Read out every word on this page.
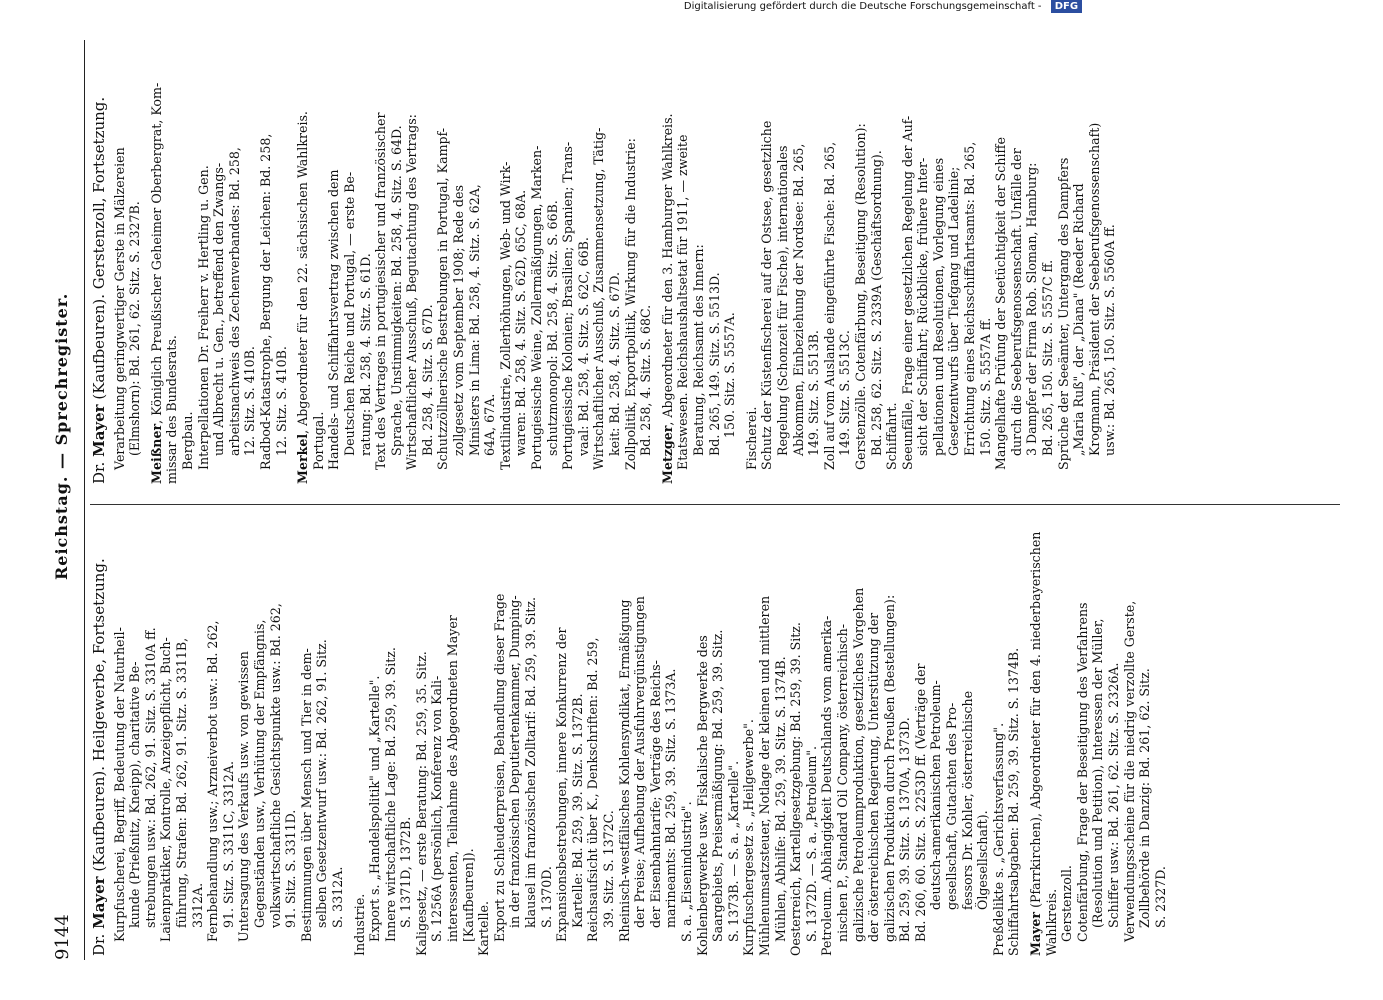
9144
Reichstag. — Sprechregister.
Dr. Mayer (Kaufbeuren). Heilgewerbe, Fortsetzung. Kurpfuscherei, Begriff, Bedeutung der Naturheil- kunde (Prießnitz, Kneipp), charitative Be- strebungen usw.: Bd. 262, 91. Sitz. S. 3310A ff. Laienpraktiker, Kontrolle, Anzeigepflicht, Buch- führung, Strafen: Bd. 262, 91. Sitz. S. 3311B, 3312A. Fernbehandlung usw.; Arzneiverbot usw.: Bd. 262, 91. Sitz. S. 3311C, 3312A. Untersagung des Verkaufs usw. von gewissen Gegenständen usw., Verhütung der Empfängnis, volkswirtschaftliche Gesichtspunkte usw.: Bd. 262, 91. Sitz. S. 3311D. Bestimmungen über Mensch und Tier in dem- selben Gesetzentwurf usw.: Bd. 262, 91. Sitz. S. 3312A. Industrie. Export s. „Handelspolitik" und „Kartelle". Innere wirtschaftliche Lage: Bd. 259, 39. Sitz. S. 1371D, 1372B. Kaligesetz, — erste Beratung: Bd. 259, 35. Sitz. S. 1256A (persönlich, Konferenz von Kali- interessenten, Teilnahme des Abgeordneten Mayer [Kaufbeuren]). Kartelle. Export zu Schleuderpreisen, Behandlung dieser Frage in der französischen Deputiertenkammer, Dumping- klausel im französischen Zolltarif: Bd. 259, 39. Sitz. S. 1370D. Expansionsbestrebungen, innere Konkurrenz der Kartelle: Bd. 259, 39. Sitz. S. 1372B. Reichsaufsicht über K., Denkschriften: Bd. 259, 39. Sitz. S. 1372C. Rheinisch-westfälisches Kohlensyndikat, Ermäßigung der Preise; Aufhebung der Ausfuhrvergünstigungen der Eisenbahntarife; Verträge des Reichs- marineamts: Bd. 259, 39. Sitz. S. 1373A. S. a. „Eisenindustrie". Kohlenbergwerke usw. Fiskalische Bergwerke des Saargebiets, Preisermäßigung: Bd. 259, 39. Sitz. S. 1373B. — S. a. „Kartelle". Kurpfuschergesetz s. „Heilgewerbe". Mühlenumsatzsteuer, Notlage der kleinen und mittleren Mühlen, Abhilfe: Bd. 259, 39. Sitz. S. 1374B. Oesterreich, Kartellgesetzgebung: Bd. 259, 39. Sitz. S. 1372D. — S. a. „Petroleum". Petroleum. Abhängigkeit Deutschlands vom amerika- nischen P., Standard Oil Company, österreichisch- galizische Petroleumproduktion, gesetzliches Vorgehen der österreichischen Regierung, Unterstützung der galizischen Produktion durch Preußen (Bestellungen): Bd. 259, 39. Sitz. S. 1370A, 1373D. Bd. 260, 60. Sitz. S. 2253D ff. (Verträge der deutsch-amerikanischen Petroleum- gesellschaft, Gutachten des Pro- fessors Dr. Kohler, österreichische Ölgesellschaft). Preßdelikte s. „Gerichtsverfassung". Schiffahrtsabgaben: Bd. 259, 39. Sitz. S. 1374B. Mayer (Pfarrkirchen), Abgeordneter für den 4. niederbayerischen
Wahlkreis. Gerstenzoll. Cotenfärbung, Frage der Beseitigung des Verfahrens (Resolution und Petition), Interessen der Müller, Schiffer usw.: Bd. 261, 62. Sitz. S. 2326A. Verwendungsscheine für die niedrig verzollte Gerste, Zollbehörde in Danzig: Bd. 261, 62. Sitz. S. 2327D.
Dr. Mayer (Kaufbeuren). Gerstenzoll, Fortsetzung. Verarbeitung geringwertiger Gerste in Mälzereien (Elmshorn): Bd. 261, 62. Sitz. S. 2327B. Meißner, Königlich Preußischer Geheimer Oberbergrat, Kom- missar des Bundesrats. Bergbau. Interpellationen Dr. Freiherr v. Hertling u. Gen. und Albrecht u. Gen., betreffend den Zwangs- arbeitsnachweis des Zechenverbandes: Bd. 258, 12. Sitz. S. 410B. Radbod-Katastrophe, Bergung der Leichen: Bd. 258, 12. Sitz. S. 410B.
Merkel, Abgeordneter für den 22. sächsischen Wahlkreis.
Portugal. Handels- und Schiffahrtsvertrag zwischen dem Deutschen Reiche und Portugal, — erste Be- ratung: Bd. 258, 4. Sitz. S. 61D. Text des Vertrages in portugiesischer und französischer Sprache, Unstimmigkeiten: Bd. 258, 4. Sitz. S. 64D. Wirtschaftlicher Ausschuß, Begutachtung des Vertrags: Bd. 258, 4. Sitz. S. 67D. Schutzzöllnerische Bestrebungen in Portugal, Kampf- zollgesetz vom September 1908; Rede des Ministers in Lima: Bd. 258, 4. Sitz. S. 62A, 64A, 67A. Textilindustrie, Zollerhöhungen, Web- und Wirk- waren: Bd. 258, 4. Sitz. S. 62D, 65C, 68A. Portugiesische Weine, Zollermäßigungen, Marken- schutzmonopol: Bd. 258, 4. Sitz. S. 66B. Portugiesische Kolonien; Brasilien; Spanien; Trans- vaal: Bd. 258, 4. Sitz. S. 62C, 66B. Wirtschaftlicher Ausschuß, Zusammensetzung, Tätig- keit: Bd. 258, 4. Sitz. S. 67D. Zollpolitik, Exportpolitik, Wirkung für die Industrie: Bd. 258, 4. Sitz. S. 68C. Metzger, Abgeordneter für den 3. Hamburger Wahlkreis. Etatswesen. Reichshaushaltsetat für 1911, — zweite Beratung, Reichsamt des Innern: Bd. 265, 149. Sitz. S. 5513D. 150. Sitz. S. 5557A.
Fischerei. Schutz der Küstenfischerei auf der Ostsee, gesetzliche Regelung (Schonzeit für Fische), internationales Abkommen, Einbeziehung der Nordsee: Bd. 265, 149. Sitz. S. 5513B. Zoll auf vom Auslande eingeführte Fische: Bd. 265, 149. Sitz. S. 5513C. Gerstenzölle. Cotenfärbung, Beseitigung (Resolution): Bd. 258, 62. Sitz. S. 2339A (Geschäftsordnung). Schiffahrt. Seeunfälle, Frage einer gesetzlichen Regelung der Auf- sicht der Schiffahrt; Rückblicke, frühere Inter- pellationen und Resolutionen, Vorlegung eines Gesetzentwurfs über Tiefgang und Ladelinie; Errichtung eines Reichsschiffahrtsamts: Bd. 265, 150. Sitz. S. 5557A ff. Mangelhafte Prüfung der Seetüchtigkeit der Schiffe durch die Seeberufsgenossenschaft. Unfälle der 3 Dampfer der Firma Rob. Sloman, Hamburg: Bd. 265, 150. Sitz. S. 5557C ff. Sprüche der Seeämter, Untergang des Dampfers „Maria Ruß", der „Diana" (Reeder Richard Krogmann, Präsident der Seeberufsgenossenschaft) usw.: Bd. 265, 150. Sitz. S. 5560A ff.
Digitalisierung gefördert durch die Deutsche Forschungsgemeinschaft - DFG
